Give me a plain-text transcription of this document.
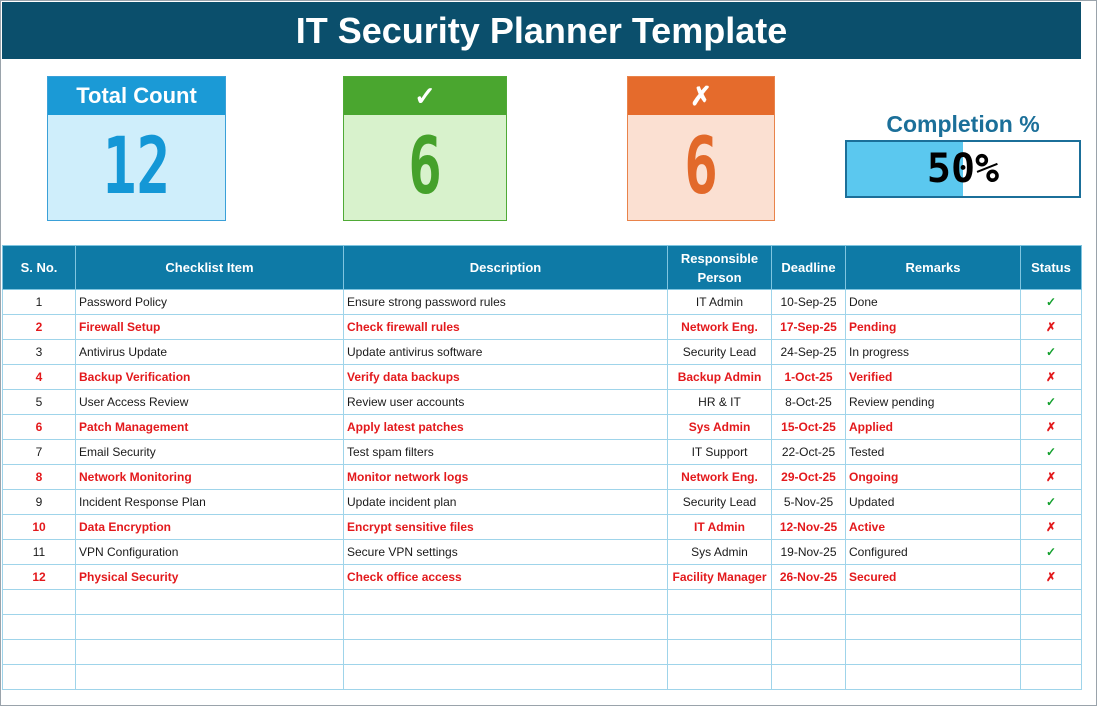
IT Security Planner Template
Total Count
12
✓
6
✗
6	Completion %
50%
S. No.	Checklist Item	Description	Responsible Person	Deadline	Remarks	Status
1	Password Policy	Ensure strong password rules	IT Admin	10-Sep-25	Done	✓
2	Firewall Setup	Check firewall rules	Network Eng.	17-Sep-25	Pending	✗
3	Antivirus Update	Update antivirus software	Security Lead	24-Sep-25	In progress	✓
4	Backup Verification	Verify data backups	Backup Admin	1-Oct-25	Verified	✗
5	User Access Review	Review user accounts	HR & IT	8-Oct-25	Review pending	✓
6	Patch Management	Apply latest patches	Sys Admin	15-Oct-25	Applied	✗
7	Email Security	Test spam filters	IT Support	22-Oct-25	Tested	✓
8	Network Monitoring	Monitor network logs	Network Eng.	29-Oct-25	Ongoing	✗
9	Incident Response Plan	Update incident plan	Security Lead	5-Nov-25	Updated	✓
10	Data Encryption	Encrypt sensitive files	IT Admin	12-Nov-25	Active	✗
11	VPN Configuration	Secure VPN settings	Sys Admin	19-Nov-25	Configured	✓
12	Physical Security	Check office access	Facility Manager	26-Nov-25	Secured	✗
